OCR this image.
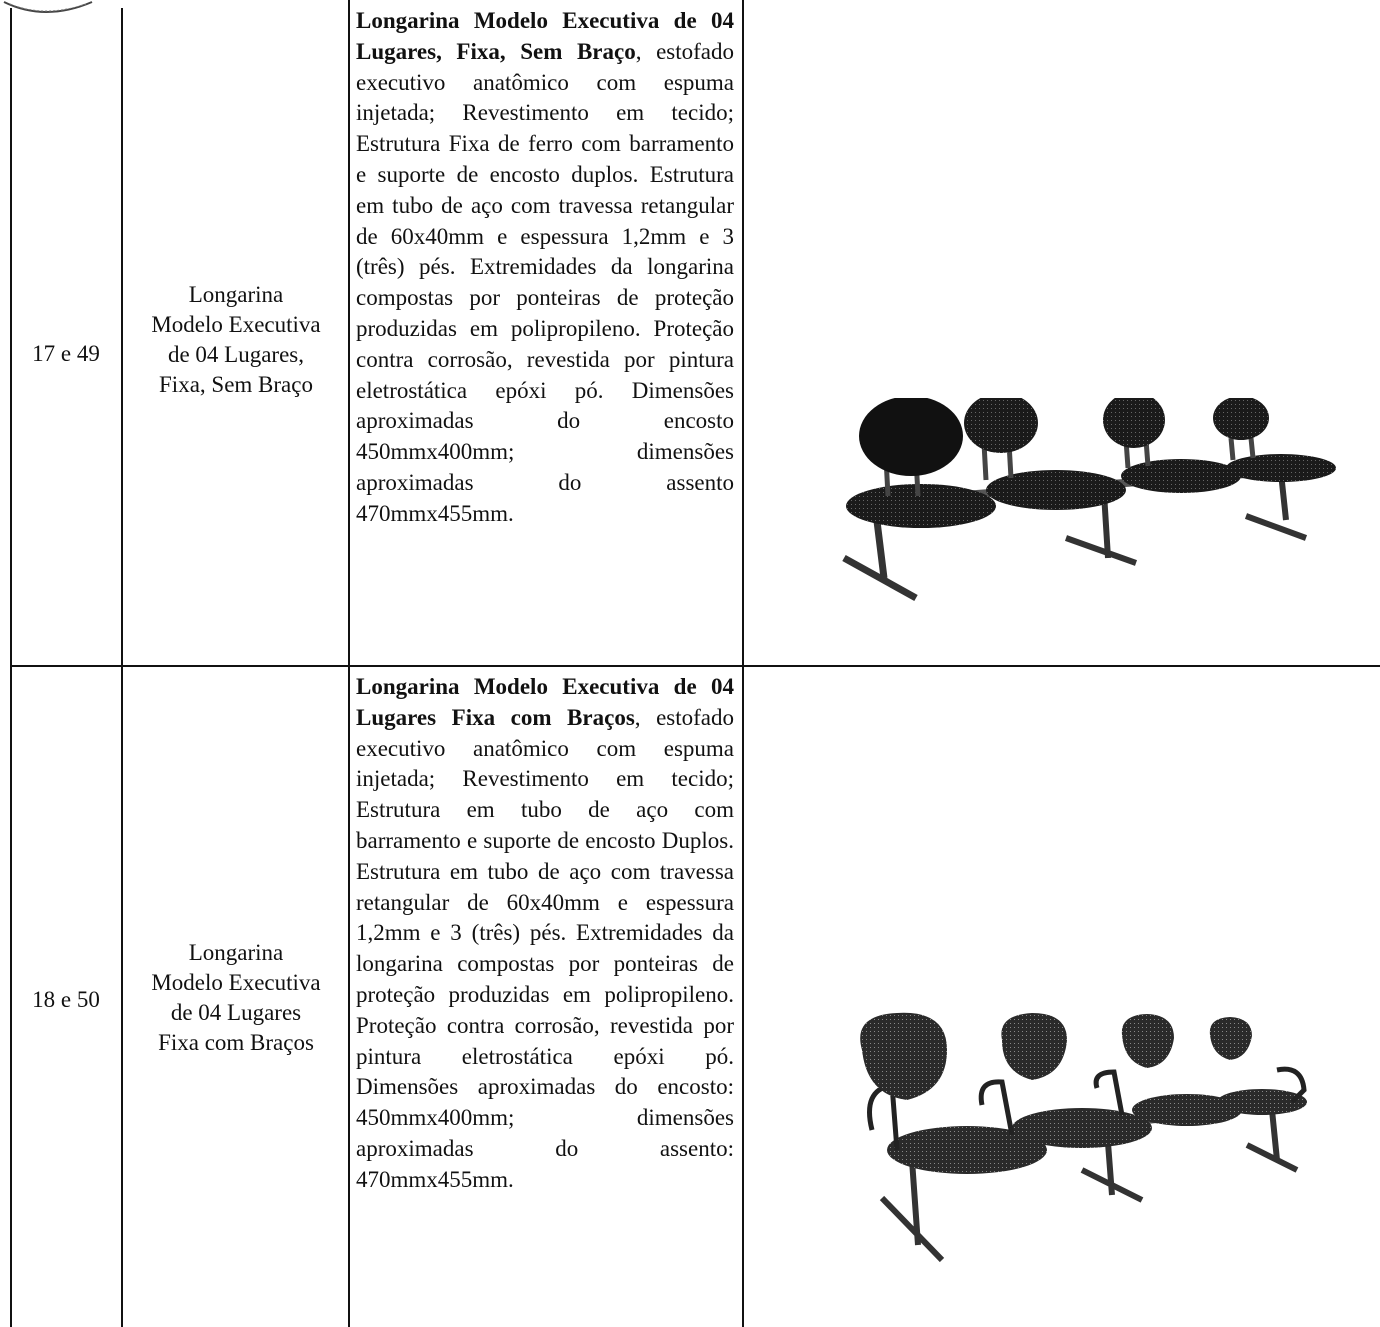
17 e 49
Longarina
Modelo Executiva
de 04 Lugares,
Fixa, Sem Braço

Longarina Modelo Executiva de 04 Lugares, Fixa, Sem Braço, estofado executivo anatômico com espuma injetada; Revestimento em tecido; Estrutura Fixa de ferro com barramento e suporte de encosto duplos. Estrutura em tubo de aço com travessa retangular de 60x40mm e espessura 1,2mm e 3 (três) pés. Extremidades da longarina compostas por ponteiras de proteção produzidas em polipropileno. Proteção contra corrosão, revestida por pintura eletrostática epóxi pó. Dimensões aproximadas do encosto 450mmx400mm; dimensões aproximadas do assento 470mmx455mm.

18 e 50
Longarina
Modelo Executiva
de 04 Lugares
Fixa com Braços

Longarina Modelo Executiva de 04 Lugares Fixa com Braços, estofado executivo anatômico com espuma injetada; Revestimento em tecido; Estrutura em tubo de aço com barramento e suporte de encosto Duplos. Estrutura em tubo de aço com travessa retangular de 60x40mm e espessura 1,2mm e 3 (três) pés. Extremidades da longarina compostas por ponteiras de proteção produzidas em polipropileno. Proteção contra corrosão, revestida por pintura eletrostática epóxi pó. Dimensões aproximadas do encosto: 450mmx400mm; dimensões aproximadas do assento: 470mmx455mm.
